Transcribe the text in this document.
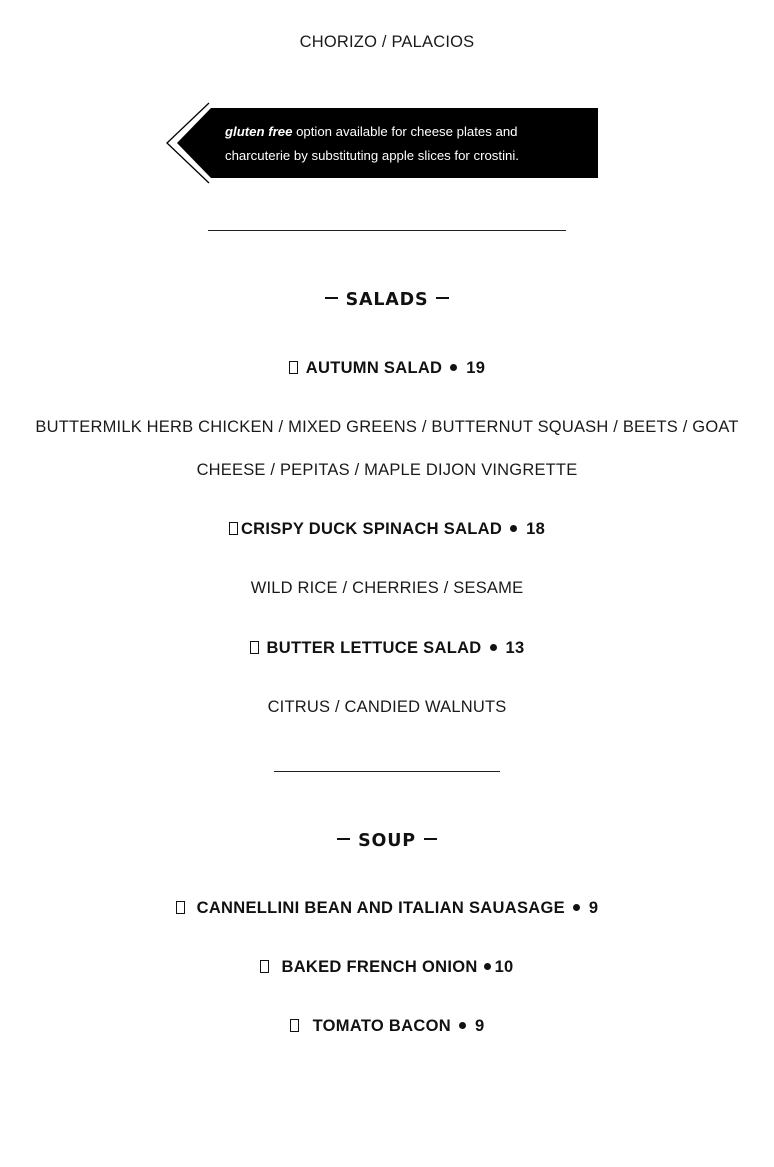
CHORIZO / PALACIOS
gluten free option available for cheese plates and
charcuterie by substituting apple slices for crostini.
SALADS
AUTUMN SALAD 19
BUTTERMILK HERB CHICKEN / MIXED GREENS / BUTTERNUT SQUASH / BEETS / GOAT
CHEESE / PEPITAS / MAPLE DIJON VINGRETTE
CRISPY DUCK SPINACH SALAD 18
WILD RICE / CHERRIES / SESAME
BUTTER LETTUCE SALAD 13
CITRUS / CANDIED WALNUTS
SOUP
CANNELLINI BEAN AND ITALIAN SAUASAGE 9
BAKED FRENCH ONION 10
TOMATO BACON 9
